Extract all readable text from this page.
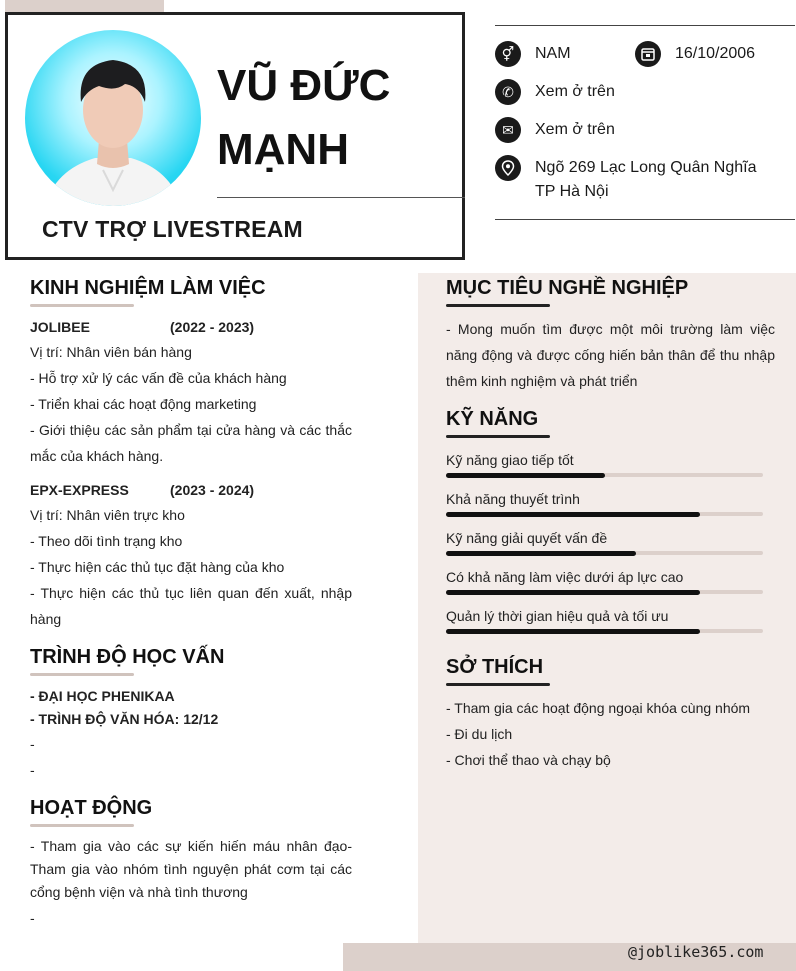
VŨ ĐỨC
MẠNH
CTV TRỢ LIVESTREAM
⚥	NAM	16/10/2006
✆	Xem ở trên
✉	Xem ở trên
Ngõ 269 Lạc Long Quân Nghĩa
TP Hà Nội
KINH NGHIỆM LÀM VIỆC
JOLIBEE	(2022 - 2023)
Vị trí: Nhân viên bán hàng
- Hỗ trợ xử lý các vấn đề của khách hàng
- Triển khai các hoạt động marketing
- Giới thiệu các sản phẩm tại cửa hàng và các thắc mắc của khách hàng.
EPX-EXPRESS	(2023 - 2024)
Vị trí: Nhân viên trực kho
- Theo dõi tình trạng kho
- Thực hiện các thủ tục đặt hàng của kho
- Thực hiện các thủ tục liên quan đến xuất, nhập hàng
TRÌNH ĐỘ HỌC VẤN
- ĐẠI HỌC PHENIKAA
- TRÌNH ĐỘ VĂN HÓA: 12/12
-
-
HOẠT ĐỘNG
- Tham gia vào các sự kiến hiến máu nhân đạo- Tham gia vào nhóm tình nguyện phát cơm tại các cổng bệnh viện và nhà tình thương
-
MỤC TIÊU NGHỀ NGHIỆP
- Mong muốn tìm được một môi trường làm việc năng động và được cống hiến bản thân để thu nhập thêm kinh nghiệm và phát triển
KỸ NĂNG
Kỹ năng giao tiếp tốt
Khả năng thuyết trình
Kỹ năng giải quyết vấn đề
Có khả năng làm việc dưới áp lực cao
Quản lý thời gian hiệu quả và tối ưu
SỞ THÍCH
- Tham gia các hoạt động ngoại khóa cùng nhóm
- Đi du lịch
- Chơi thể thao và chạy bộ
@joblike365.com
